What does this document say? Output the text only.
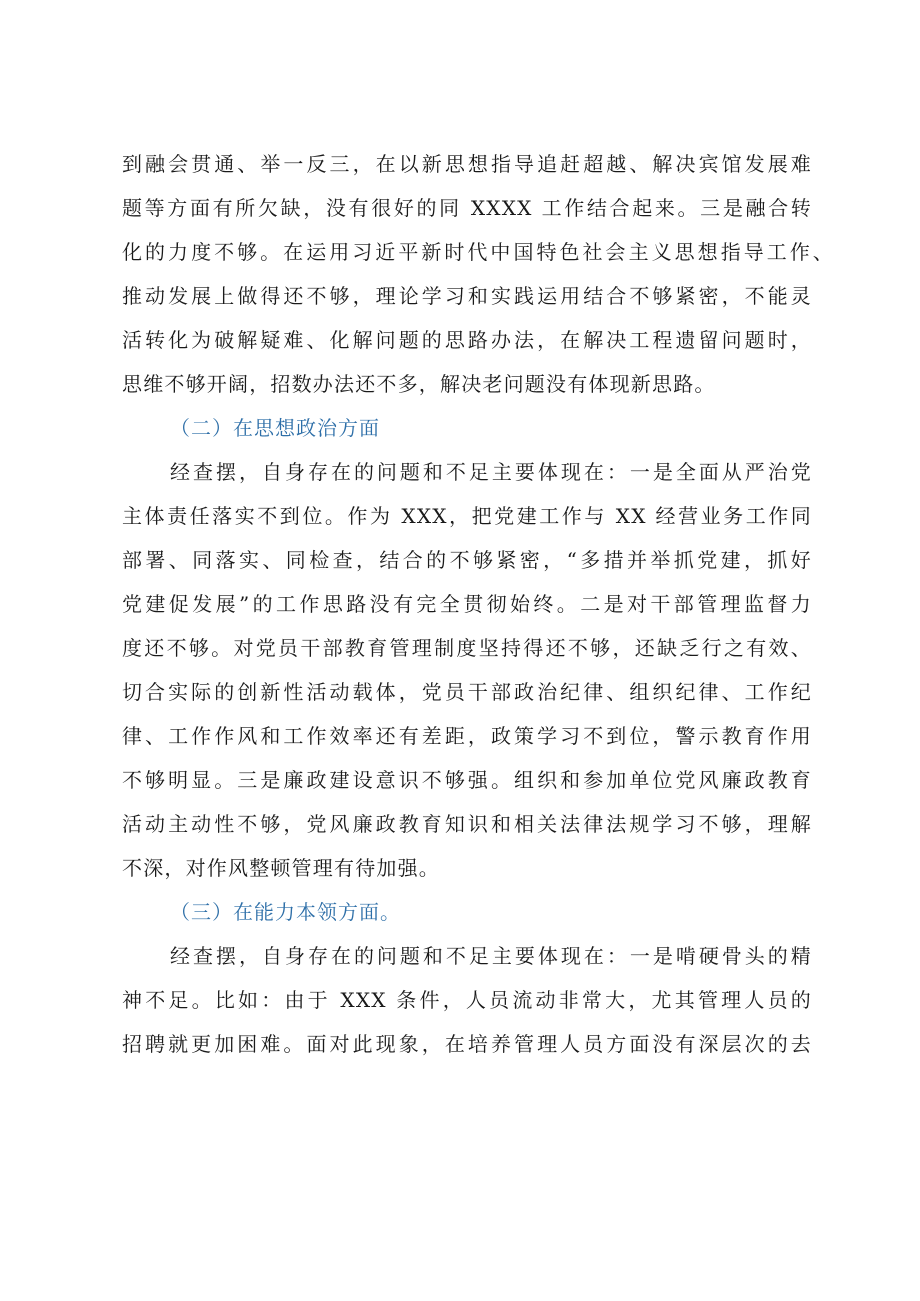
到融会贯通、举一反三，在以新思想指导追赶超越、解决宾馆发展难
题等方面有所欠缺，没有很好的同 XXXX 工作结合起来。三是融合转
化的力度不够。在运用习近平新时代中国特色社会主义思想指导工作、
推动发展上做得还不够，理论学习和实践运用结合不够紧密，不能灵
活转化为破解疑难、化解问题的思路办法，在解决工程遗留问题时，
思维不够开阔，招数办法还不多，解决老问题没有体现新思路。
（二）在思想政治方面
经查摆，自身存在的问题和不足主要体现在：一是全面从严治党
主体责任落实不到位。作为 XXX，把党建工作与 XX 经营业务工作同
部署、同落实、同检查，结合的不够紧密，“多措并举抓党建，抓好
党建促发展”的工作思路没有完全贯彻始终。二是对干部管理监督力
度还不够。对党员干部教育管理制度坚持得还不够，还缺乏行之有效、
切合实际的创新性活动载体，党员干部政治纪律、组织纪律、工作纪
律、工作作风和工作效率还有差距，政策学习不到位，警示教育作用
不够明显。三是廉政建设意识不够强。组织和参加单位党风廉政教育
活动主动性不够，党风廉政教育知识和相关法律法规学习不够，理解
不深，对作风整顿管理有待加强。
（三）在能力本领方面。
经查摆，自身存在的问题和不足主要体现在：一是啃硬骨头的精
神不足。比如：由于 XXX 条件，人员流动非常大，尤其管理人员的
招聘就更加困难。面对此现象，在培养管理人员方面没有深层次的去
